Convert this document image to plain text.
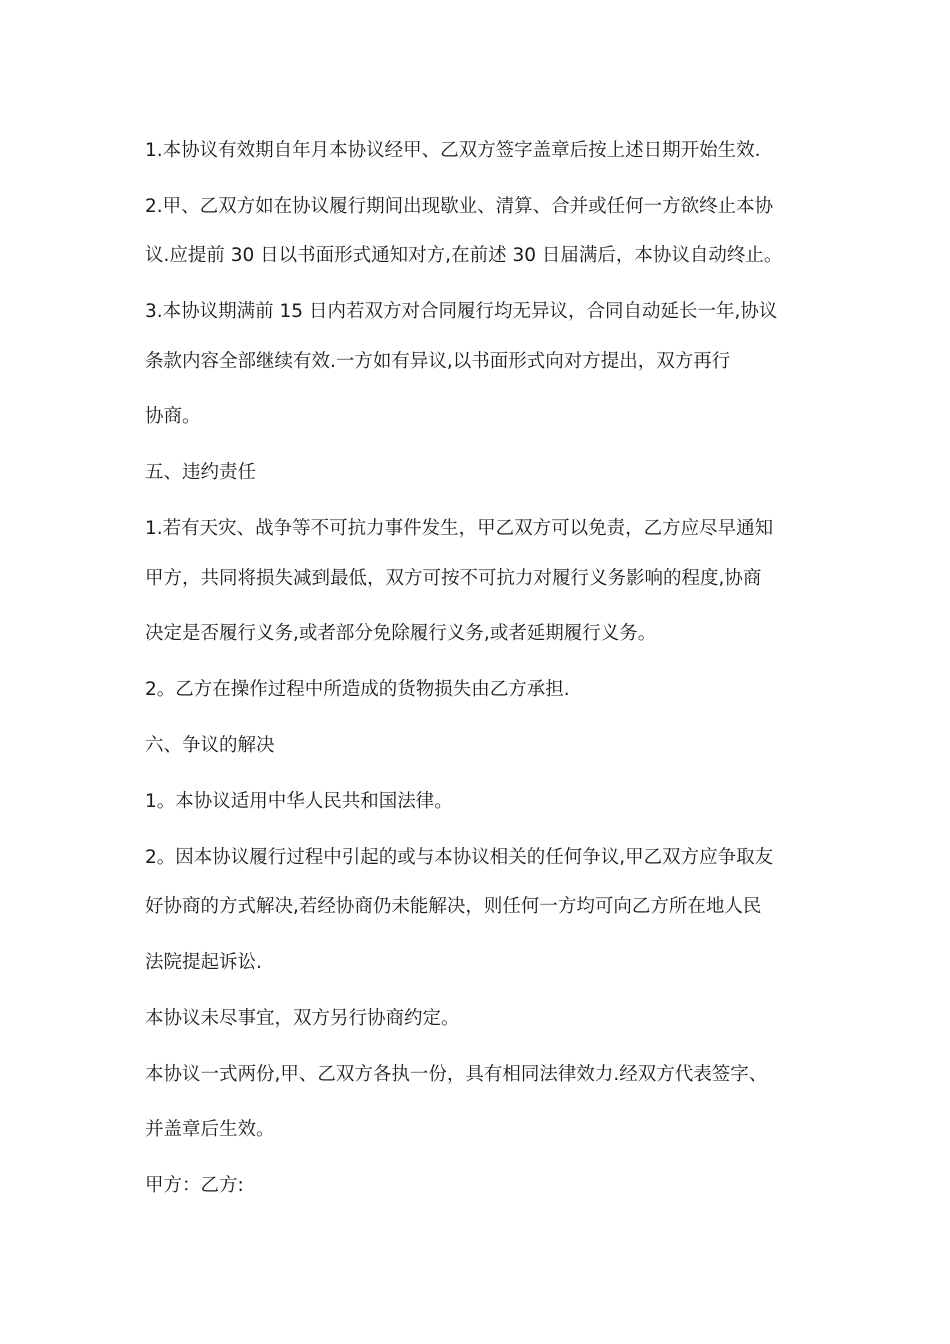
1.本协议有效期自年月本协议经甲、乙双方签字盖章后按上述日期开始生效.
2.甲、乙双方如在协议履行期间出现歇业、清算、合并或任何一方欲终止本协
议.应提前 30 日以书面形式通知对方,在前述 30 日届满后，本协议自动终止。
3.本协议期满前 15 日内若双方对合同履行均无异议，合同自动延长一年,协议
条款内容全部继续有效.一方如有异议,以书面形式向对方提出，双方再行
协商。
五、违约责任
1.若有天灾、战争等不可抗力事件发生，甲乙双方可以免责，乙方应尽早通知
甲方，共同将损失减到最低，双方可按不可抗力对履行义务影响的程度,协商
决定是否履行义务,或者部分免除履行义务,或者延期履行义务。
2。乙方在操作过程中所造成的货物损失由乙方承担.
六、争议的解决
1。本协议适用中华人民共和国法律。
2。因本协议履行过程中引起的或与本协议相关的任何争议,甲乙双方应争取友
好协商的方式解决,若经协商仍未能解决，则任何一方均可向乙方所在地人民
法院提起诉讼.
本协议未尽事宜，双方另行协商约定。
本协议一式两份,甲、乙双方各执一份，具有相同法律效力.经双方代表签字、
并盖章后生效。
甲方：乙方:
